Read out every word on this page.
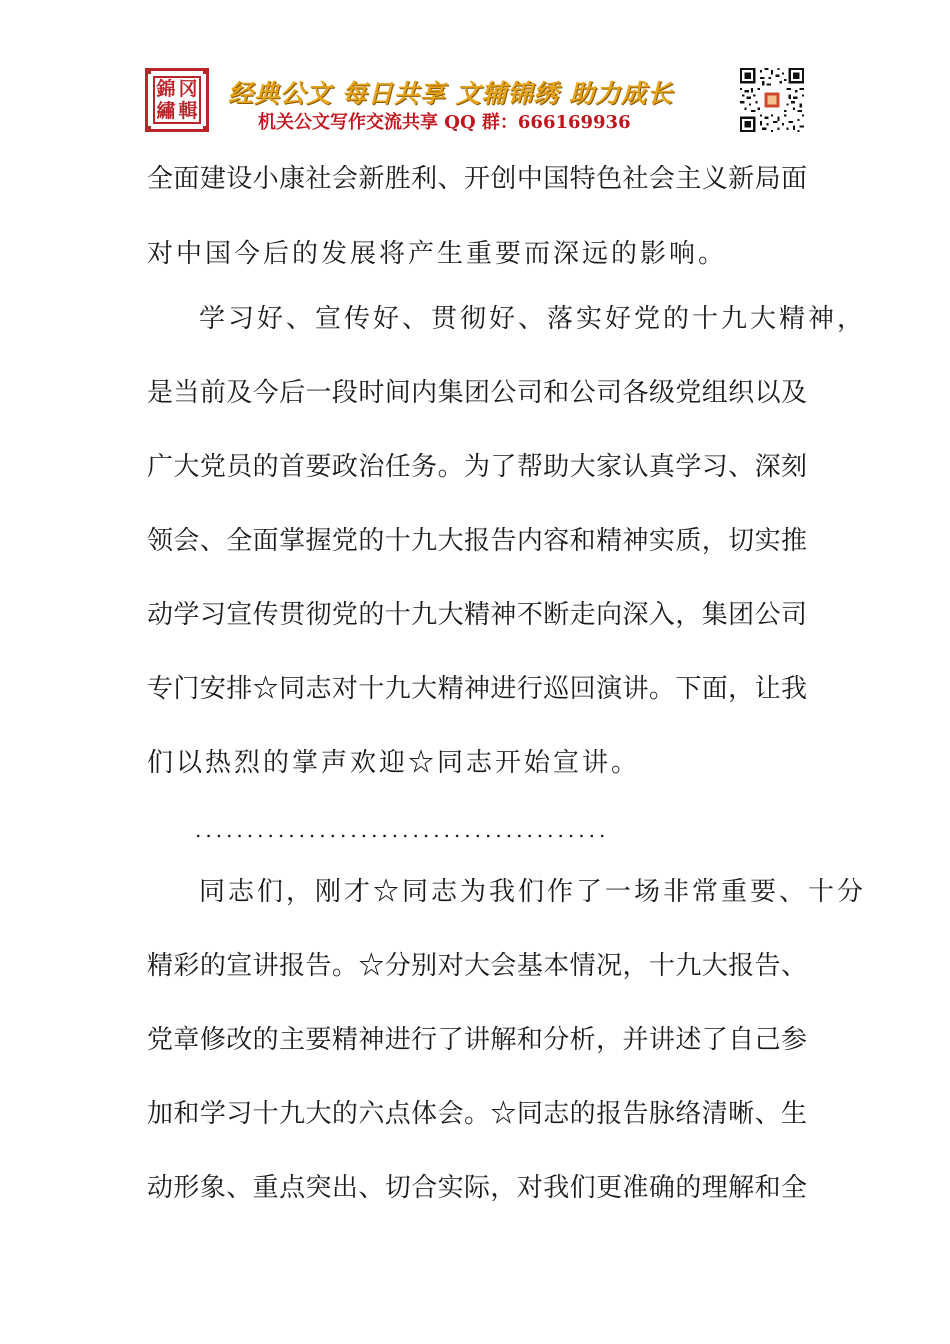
錦 冈
繡 輯
经典公文 每日共享 文辅锦绣 助力成长
机关公文写作交流共享 QQ 群：666169936
全面建设小康社会新胜利、开创中国特色社会主义新局面
对中国今后的发展将产生重要而深远的影响。
学习好、宣传好、贯彻好、落实好党的十九大精神，
是当前及今后一段时间内集团公司和公司各级党组织以及
广大党员的首要政治任务。为了帮助大家认真学习、深刻
领会、全面掌握党的十九大报告内容和精神实质，切实推
动学习宣传贯彻党的十九大精神不断走向深入，集团公司
专门安排☆同志对十九大精神进行巡回演讲。下面，让我
们以热烈的掌声欢迎☆同志开始宣讲。
........................................
同志们，刚才☆同志为我们作了一场非常重要、十分
精彩的宣讲报告。☆分别对大会基本情况，十九大报告、
党章修改的主要精神进行了讲解和分析，并讲述了自己参
加和学习十九大的六点体会。☆同志的报告脉络清晰、生
动形象、重点突出、切合实际，对我们更准确的理解和全
